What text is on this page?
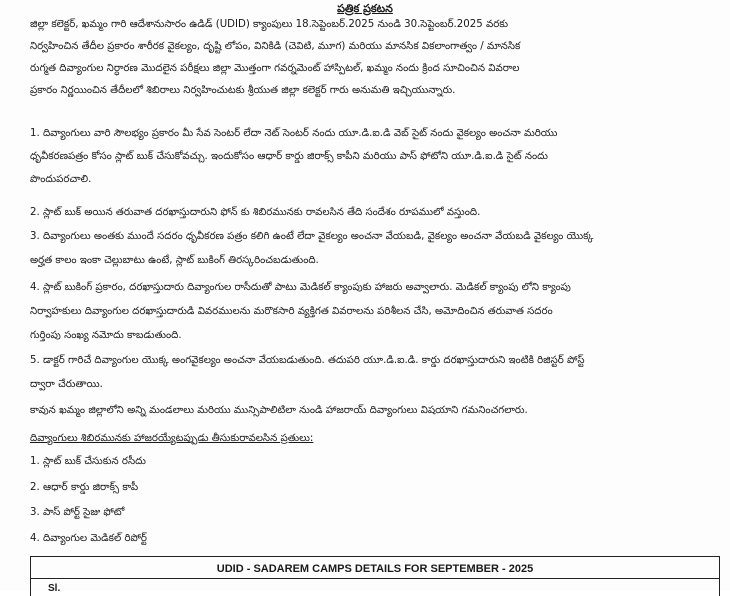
పత్రిక ప్రకటన
జిల్లా కలెక్టర్, ఖమ్మం గారి ఆదేశానుసారం ఉడిడ్ (UDID) క్యాంపులు 18.సెప్టెంబర్.2025 నుండి 30.సెప్టెంబర్.2025 వరకు
నిర్వహించిన తేదీల ప్రకారం శారీరక వైకల్యం, దృష్టి లోపం, వినికిడి (చెవిటి, మూగ) మరియు మానసిక వికలాంగాత్వం / మానసిక
రుగ్మత దివ్యాంగుల నిర్ధారణ మొదలైన పరీక్షలు జిల్లా మొత్తంగా గవర్నమెంట్ హాస్పిటల్, ఖమ్మం నందు క్రింద సూచించిన వివరాల
ప్రకారం నిర్ణయించిన తేదీలలో శిబిరాలు నిర్వహించుటకు శ్రీయుత జిల్లా కలెక్టర్ గారు అనుమతి ఇచ్చియున్నారు.
1. దివ్యాంగులు వారి సౌలభ్యం ప్రకారం మీ సేవ సెంటర్ లేదా నెట్ సెంటర్ నందు యూ.డి.ఐ.డి వెబ్ సైట్ నందు వైకల్యం అంచనా మరియు
ధృవీకరణపత్రం కోసం స్లాట్ బుక్ చేసుకోవచ్చు. ఇందుకోసం ఆధార్ కార్డు జిరాక్స్ కాపీని మరియు పాస్ ఫోటోని యూ.డి.ఐ.డి సైట్ నందు
పొందుపరచాలి.
2. స్లాట్ బుక్ అయిన తరువాత దరఖాస్తుదారుని ఫోన్ కు శిబిరమునకు రావలసిన తేది సందేశం రూపములో వస్తుంది.
3. దివ్యాంగులు అంతకు ముందే సదరం ధృవీకరణ పత్రం కలిగి ఉంటే లేదా వైకల్యం అంచనా వేయబడి, వైకల్యం అంచనా వేయబడి వైకల్యం యొక్క
అర్హత కాలం ఇంకా చెల్లుబాటు ఉంటే, స్లాట్ బుకింగ్ తిరస్కరించబడుతుంది.
4. స్లాట్ బుకింగ్ ప్రకారం, దరఖాస్తుదారు దివ్యాంగుల రాసీదుతో పాటు మెడికల్ క్యాంపుకు హాజరు అవ్వాలారు. మెడికల్ క్యాంపు లోని క్యాంపు
నిర్వాహకులు దివ్యాంగుల దరఖాస్తుదారుడి వివరములను మరొకసారి వ్యక్తిగత వివరాలను పరిశీలన చేసి, అమోదించిన తరువాత సదరం
గుర్తింపు సంఖ్య నమోదు కాబడుతుంది.
5. డాక్టర్ గారిచే దివ్యాంగుల యొక్క అంగవైకల్యం అంచనా వేయబడుతుంది. తదుపరి యూ.డి.ఐ.డి. కార్డు దరఖాస్తుదారుని ఇంటికి రిజిస్టర్ పోస్ట్
ద్వారా చేరుతాయి.
కావున ఖమ్మం జిల్లాలోని అన్ని మండలాలు మరియు మున్సిపాలిటిలా నుండి హాజరాయ్ దివ్యాంగులు విషయాని గమనించగలారు.
దివ్యాంగులు శిబిరమునకు హాజరయ్యేటప్పుడు తీసుకురావలసిన ప్రతులు:
1. స్లాట్ బుక్ చేసుకున రసీదు
2. ఆధార్ కార్డు జిరాక్స్ కాపీ
3. పాస్ పోర్ట్ సైజు ఫోటో
4. దివ్యాంగుల మెడికల్ రిపోర్ట్
UDID - SADAREM CAMPS DETAILS FOR SEPTEMBER - 2025
Sl.
